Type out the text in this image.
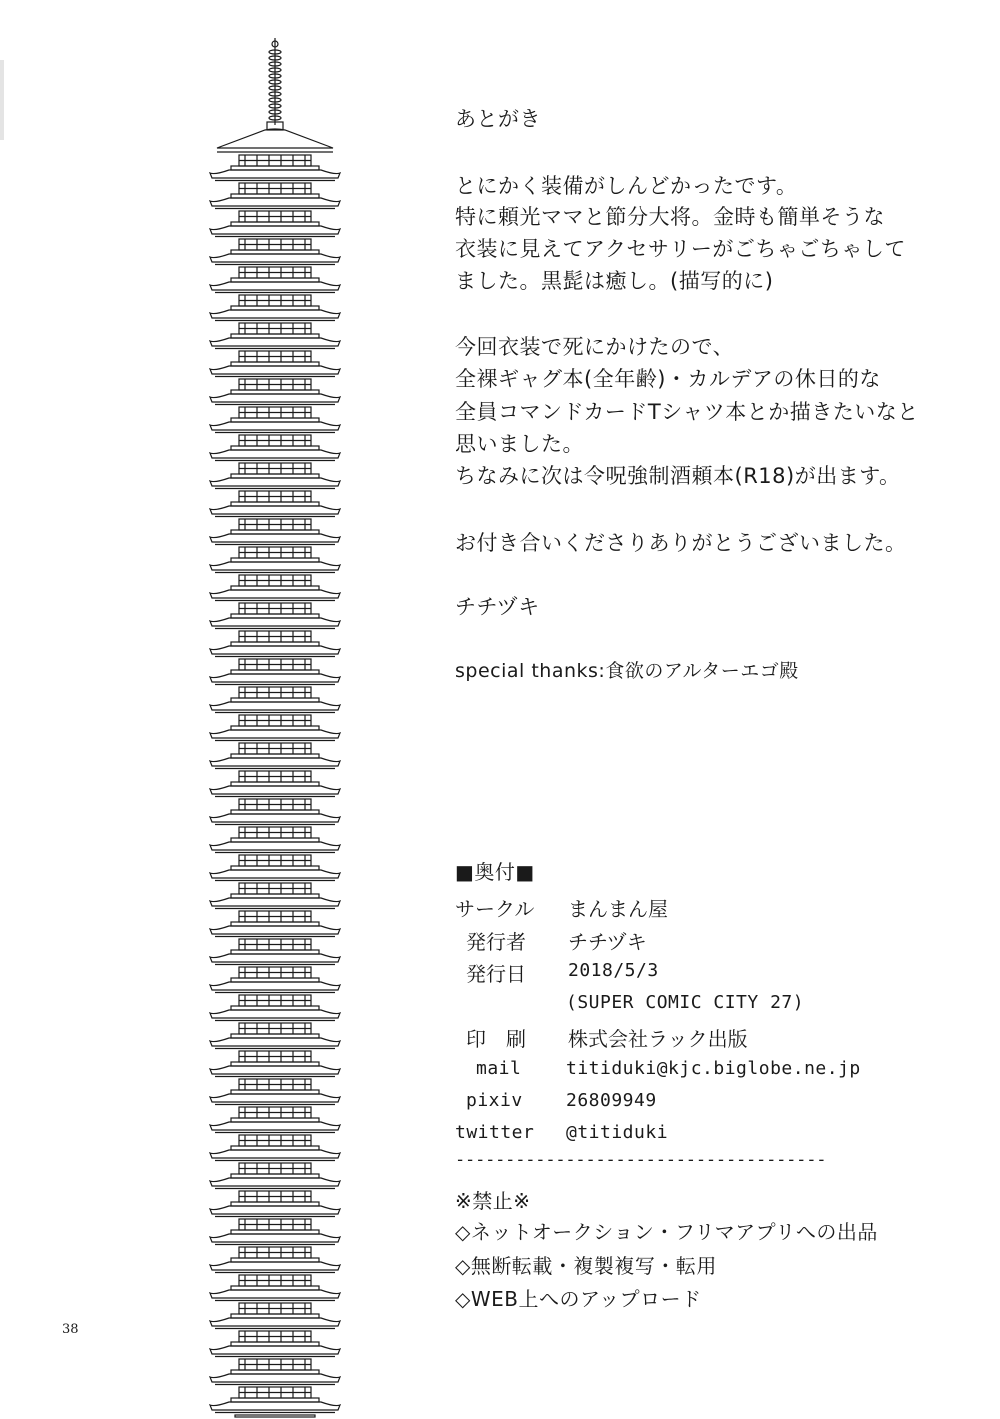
あとがき
とにかく装備がしんどかったです。
特に頼光ママと節分大将。金時も簡単そうな
衣装に見えてアクセサリーがごちゃごちゃして
ました。黒髭は癒し。(描写的に)
今回衣装で死にかけたので、
全裸ギャグ本(全年齢)・カルデアの休日的な
全員コマンドカードTシャツ本とか描きたいなと
思いました。
ちなみに次は令呪強制酒頼本(R18)が出ます。
お付き合いくださりありがとうございました。
チチヅキ
special thanks:食欲のアルターエゴ殿
■奥付■
サークル まんまん屋
発行者 チチヅキ
発行日 2018/5/3
(SUPER COMIC CITY 27)
印　刷 株式会社ラック出版
mail titiduki@kjc.biglobe.ne.jp
pixiv 26809949
twitter @titiduki
-------------------------------------
※禁止※
◇ネットオークション・フリマアプリへの出品
◇無断転載・複製複写・転用
◇WEB上へのアップロード
38
